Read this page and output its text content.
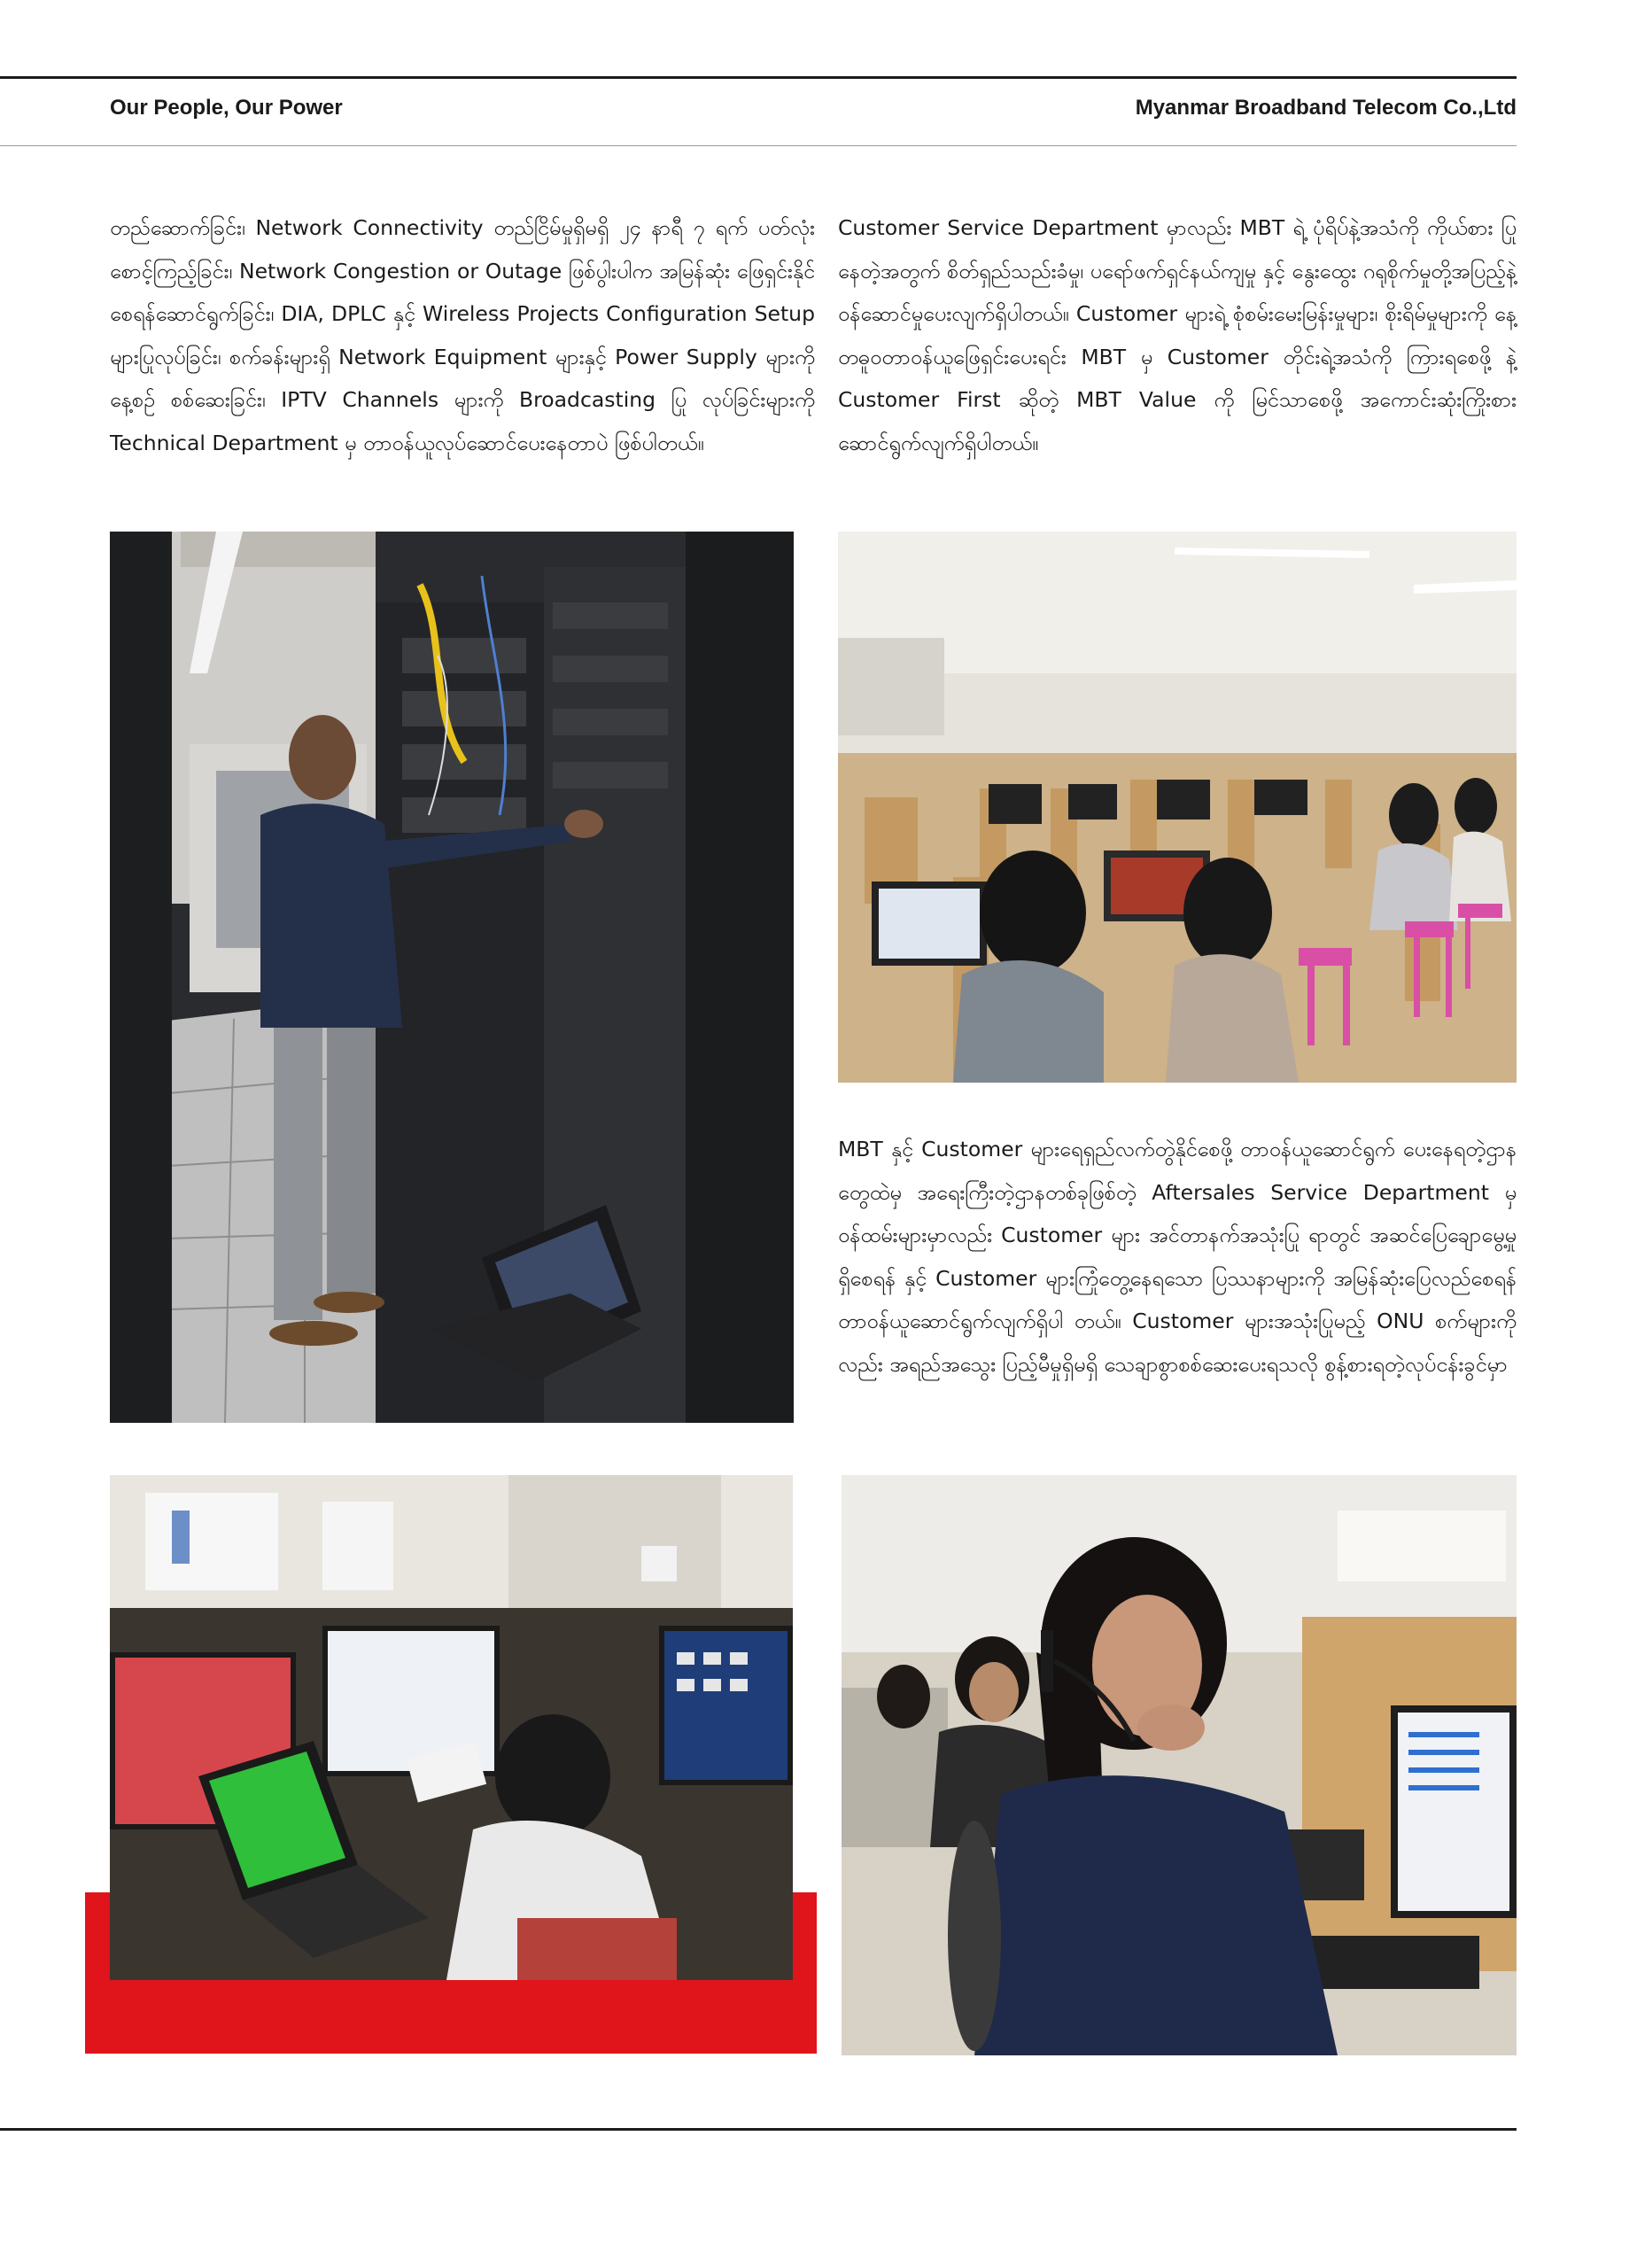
Our People, Our Power	Myanmar Broadband Telecom Co.,Ltd

တည်ဆောက်ခြင်း၊ Network Connectivity တည်ငြိမ်မှုရှိမရှိ ၂၄ နာရီ ၇ ရက် ပတ်လုံးစောင့်ကြည့်ခြင်း၊ Network Congestion or Outage ဖြစ်ပွါးပါက အမြန်ဆုံး ဖြေရှင်းနိုင်စေရန်ဆောင်ရွက်ခြင်း၊ DIA, DPLC နှင့် Wireless Projects Configuration Setup များပြုလုပ်ခြင်း၊ စက်ခန်းများရှိ Network Equipment များနှင့် Power Supply များကို နေ့စဉ် စစ်ဆေးခြင်း၊ IPTV Channels များကို Broadcasting ပြု လုပ်ခြင်းများကို Technical Department မှ တာဝန်ယူလုပ်ဆောင်ပေးနေတာပဲ ဖြစ်ပါတယ်။

Customer Service Department မှာလည်း MBT ရဲ့ ပုံရိပ်နဲ့အသံကို ကိုယ်စား ပြုနေတဲ့အတွက် စိတ်ရှည်သည်းခံမှု၊ ပရော်ဖက်ရှင်နယ်ကျမှု နှင့် နွေးထွေး ဂရုစိုက်မှုတို့အပြည့်နဲ့ ဝန်ဆောင်မှုပေးလျက်ရှိပါတယ်။ Customer များရဲ့ စုံစမ်းမေးမြန်းမှုများ၊ စိုးရိမ်မှုများကို နေ့တဓူဝတာဝန်ယူဖြေရှင်းပေးရင်း MBT မှ Customer တိုင်းရဲ့အသံကို ကြားရစေဖို့ နဲ့ Customer First ဆိုတဲ့ MBT Value ကို မြင်သာစေဖို့ အကောင်းဆုံးကြိုးစားဆောင်ရွက်လျက်ရှိပါတယ်။

MBT နှင့် Customer များရေရှည်လက်တွဲနိုင်စေဖို့ တာဝန်ယူဆောင်ရွက် ပေးနေရတဲ့ဌာနတွေထဲမှ အရေးကြီးတဲ့ဌာနတစ်ခုဖြစ်တဲ့ Aftersales Service Department မှ ဝန်ထမ်းများမှာလည်း Customer များ အင်တာနက်အသုံးပြု ရာတွင် အဆင်ပြေချောမွေ့မှုရှိစေရန် နှင့် Customer များကြုံတွေ့နေရသော ပြဿနာများကို အမြန်ဆုံးပြေလည်စေရန် တာဝန်ယူဆောင်ရွက်လျက်ရှိပါ တယ်။ Customer များအသုံးပြုမည့် ONU စက်များကိုလည်း အရည်အသွေး ပြည့်မီမှုရှိမရှိ သေချာစွာစစ်ဆေးပေးရသလို စွန့်စားရတဲ့လုပ်ငန်းခွင်မှာ
